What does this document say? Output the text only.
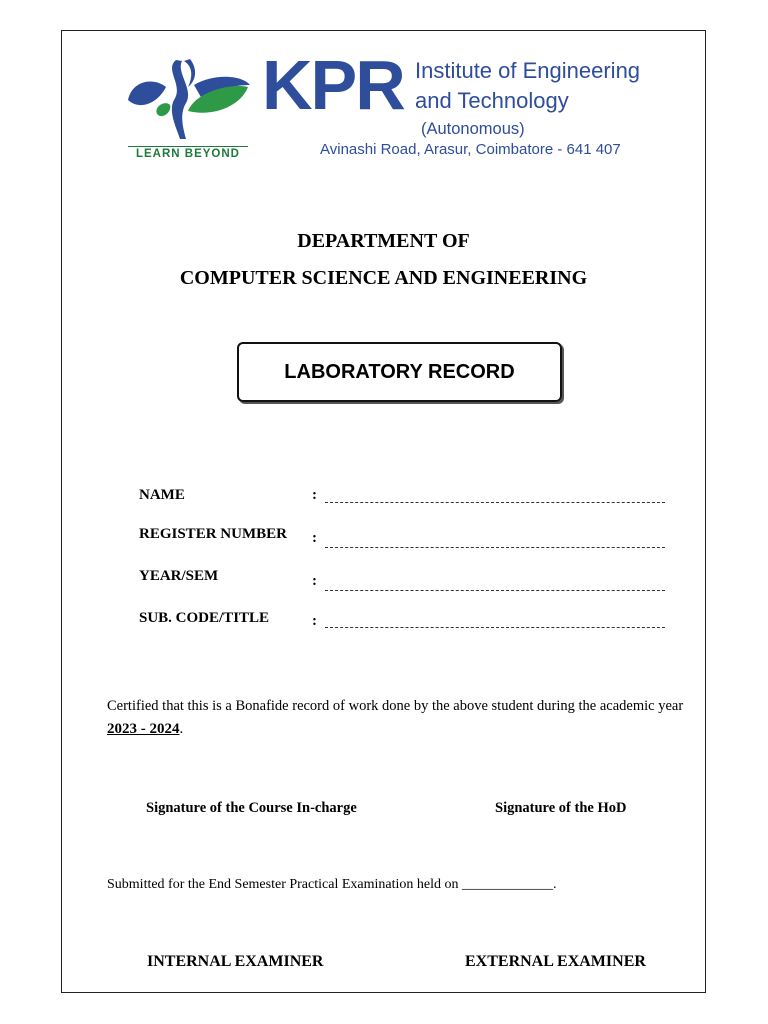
KPR Institute of Engineering
and Technology
(Autonomous)
Avinashi Road, Arasur, Coimbatore - 641 407
LEARN BEYOND
DEPARTMENT OF
COMPUTER SCIENCE AND ENGINEERING
LABORATORY RECORD
NAME	:
REGISTER NUMBER :
YEAR/SEM	:
SUB. CODE/TITLE	:
Certified that this is a Bonafide record of work done by the above student during the academic year
2023 - 2024.
Signature of the Course In-charge	Signature of the HoD
Submitted for the End Semester Practical Examination held on _____________.
INTERNAL EXAMINER	EXTERNAL EXAMINER
